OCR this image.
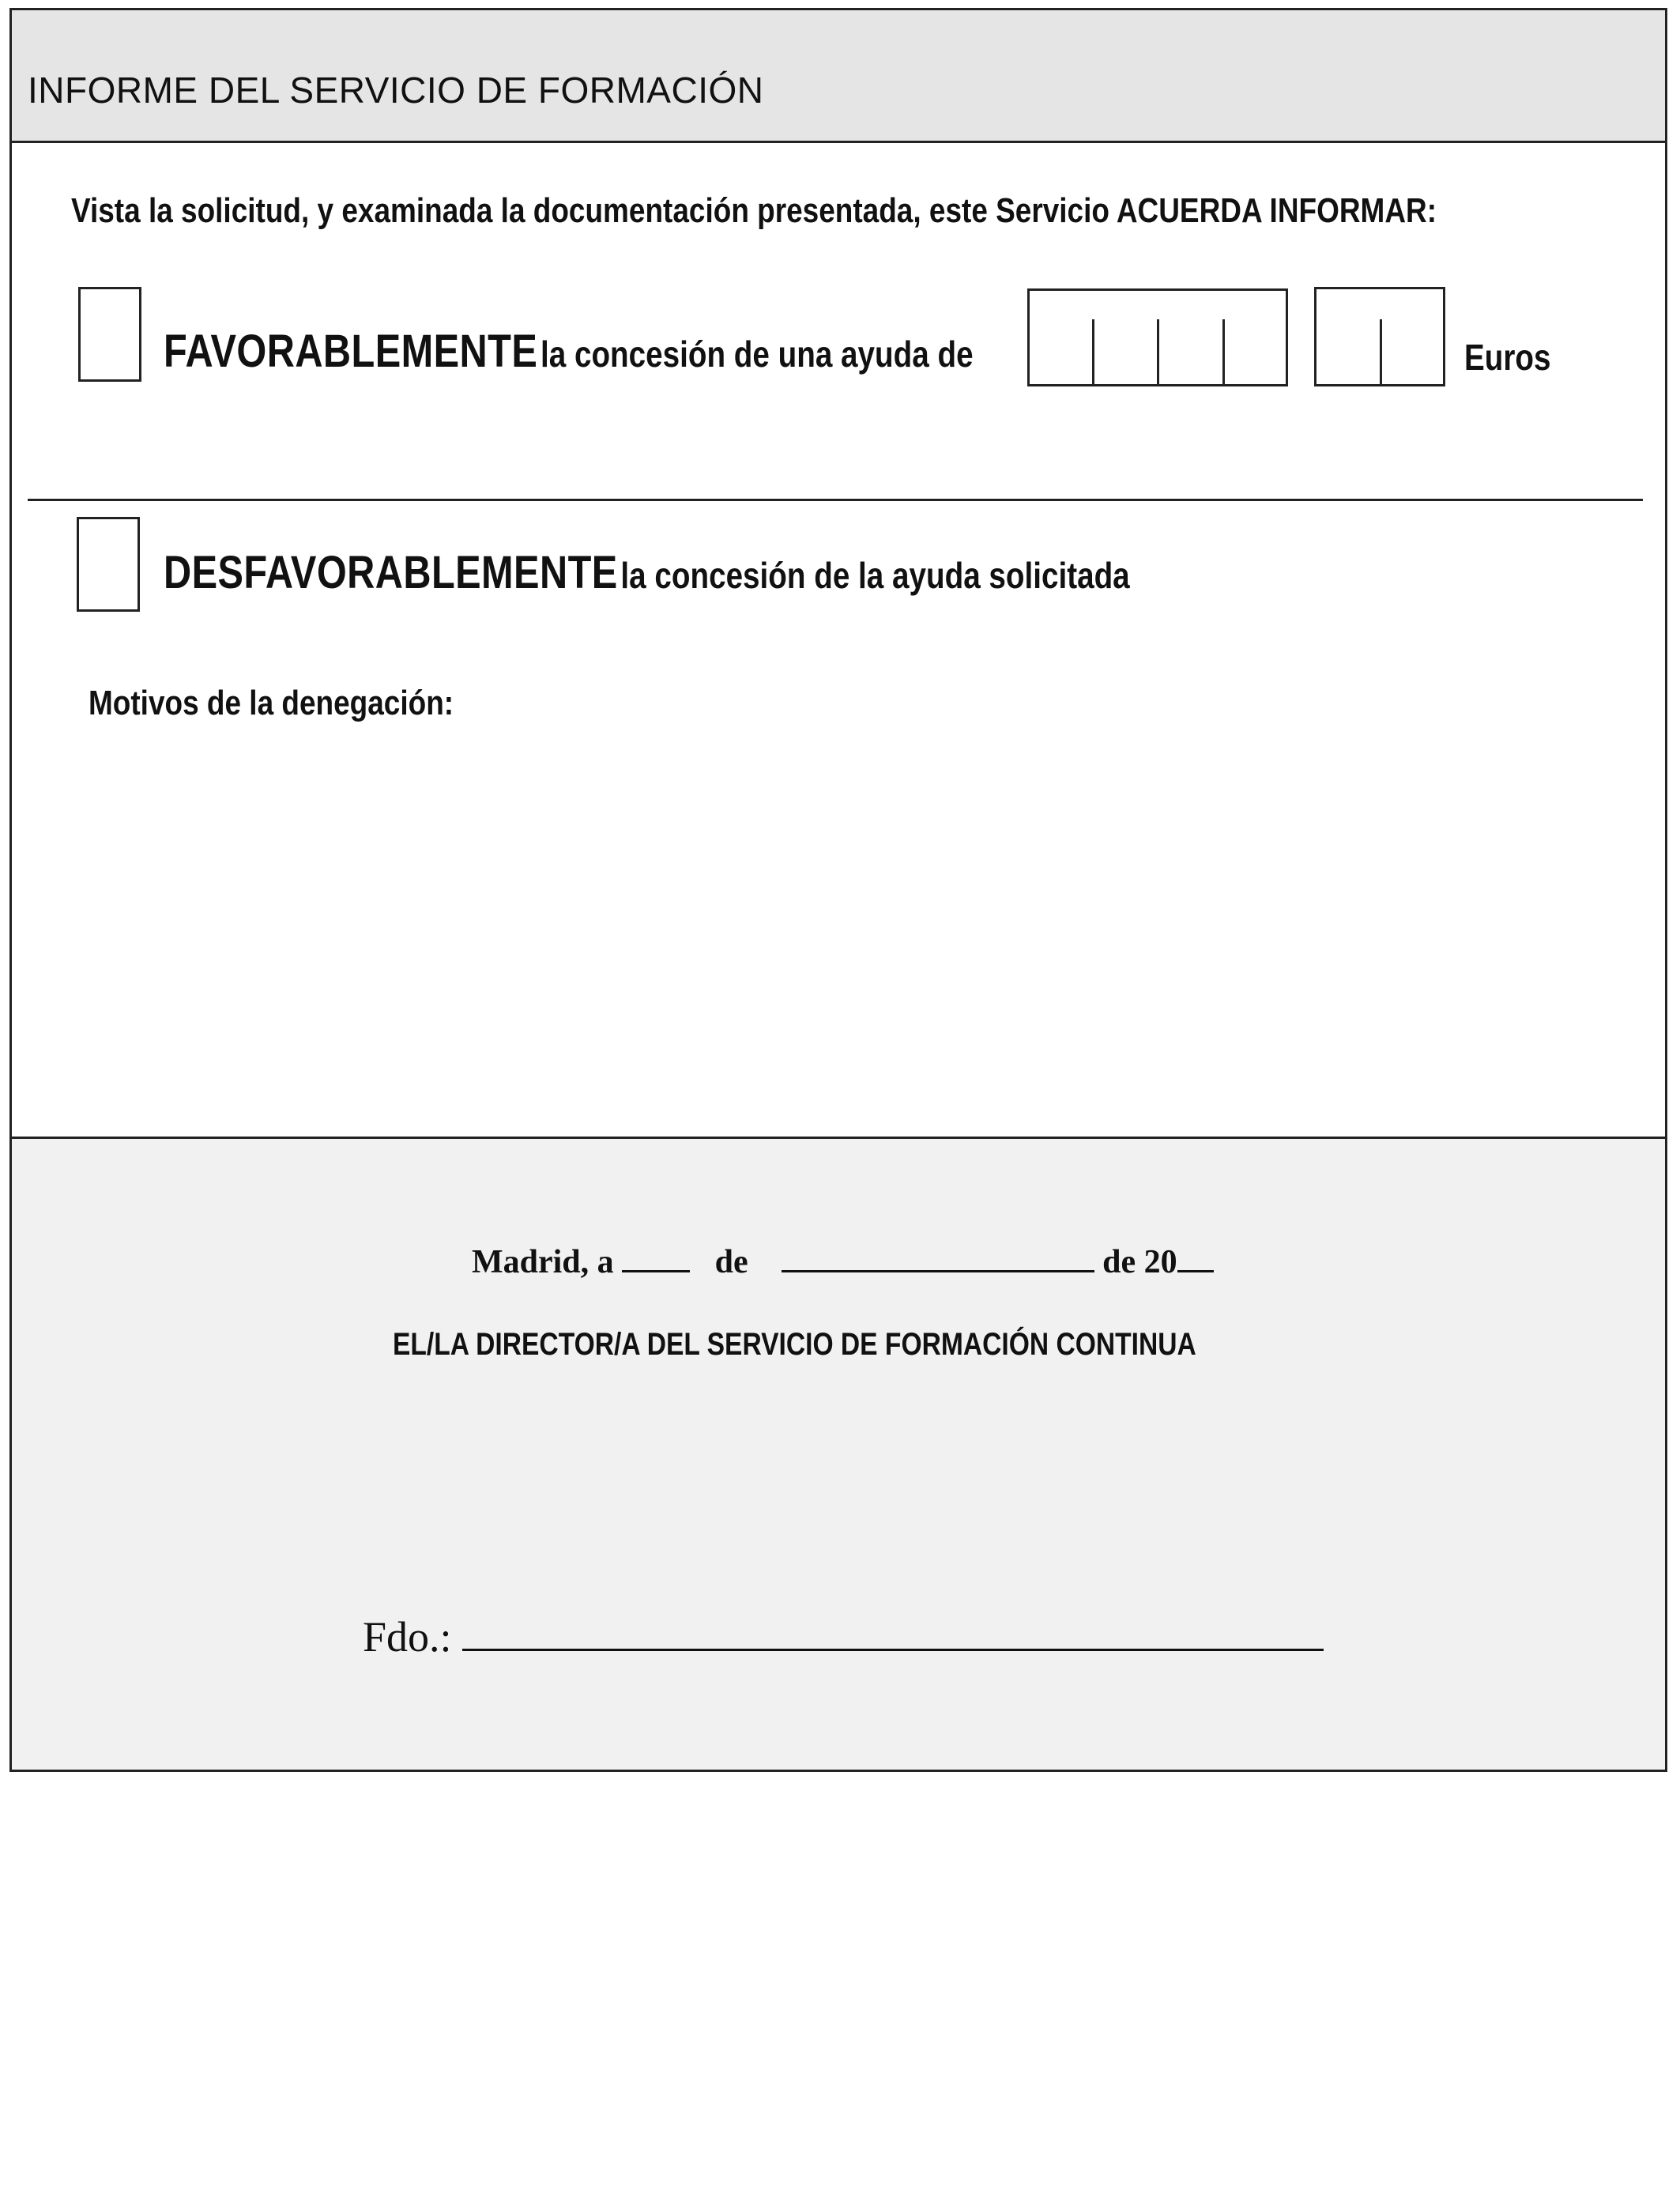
INFORME DEL SERVICIO DE FORMACIÓN
Vista la solicitud, y examinada la documentación presentada, este Servicio ACUERDA INFORMAR:
FAVORABLEMENTE la concesión de una ayuda de	Euros
DESFAVORABLEMENTE la concesión de la ayuda solicitada
Motivos de la denegación:
Madrid, a	de	de 20
EL/LA DIRECTOR/A DEL SERVICIO DE FORMACIÓN CONTINUA
Fdo.:
